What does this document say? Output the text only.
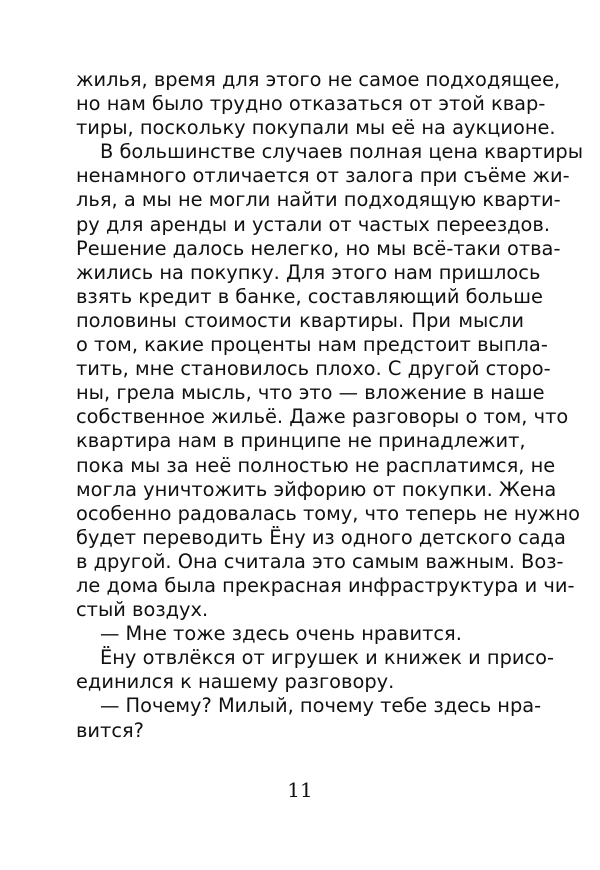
жилья, время для этого не самое подходящее,
но нам было трудно отказаться от этой квар-
тиры, поскольку покупали мы её на аукционе.
В большинстве случаев полная цена квартиры
ненамного отличается от залога при съёме жи-
лья, а мы не могли найти подходящую кварти-
ру для аренды и устали от частых переездов.
Решение далось нелегко, но мы всё-таки отва-
жились на покупку. Для этого нам пришлось
взять кредит в банке, составляющий больше
половины стоимости квартиры. При мысли
о том, какие проценты нам предстоит выпла-
тить, мне становилось плохо. С другой сторо-
ны, грела мысль, что это — вложение в наше
собственное жильё. Даже разговоры о том, что
квартира нам в принципе не принадлежит,
пока мы за неё полностью не расплатимся, не
могла уничтожить эйфорию от покупки. Жена
особенно радовалась тому, что теперь не нужно
будет переводить Ёну из одного детского сада
в другой. Она считала это самым важным. Воз-
ле дома была прекрасная инфраструктура и чи-
стый воздух.
— Мне тоже здесь очень нравится.
Ёну отвлёкся от игрушек и книжек и присо-
единился к нашему разговору.
— Почему? Милый, почему тебе здесь нра-
вится?
11
